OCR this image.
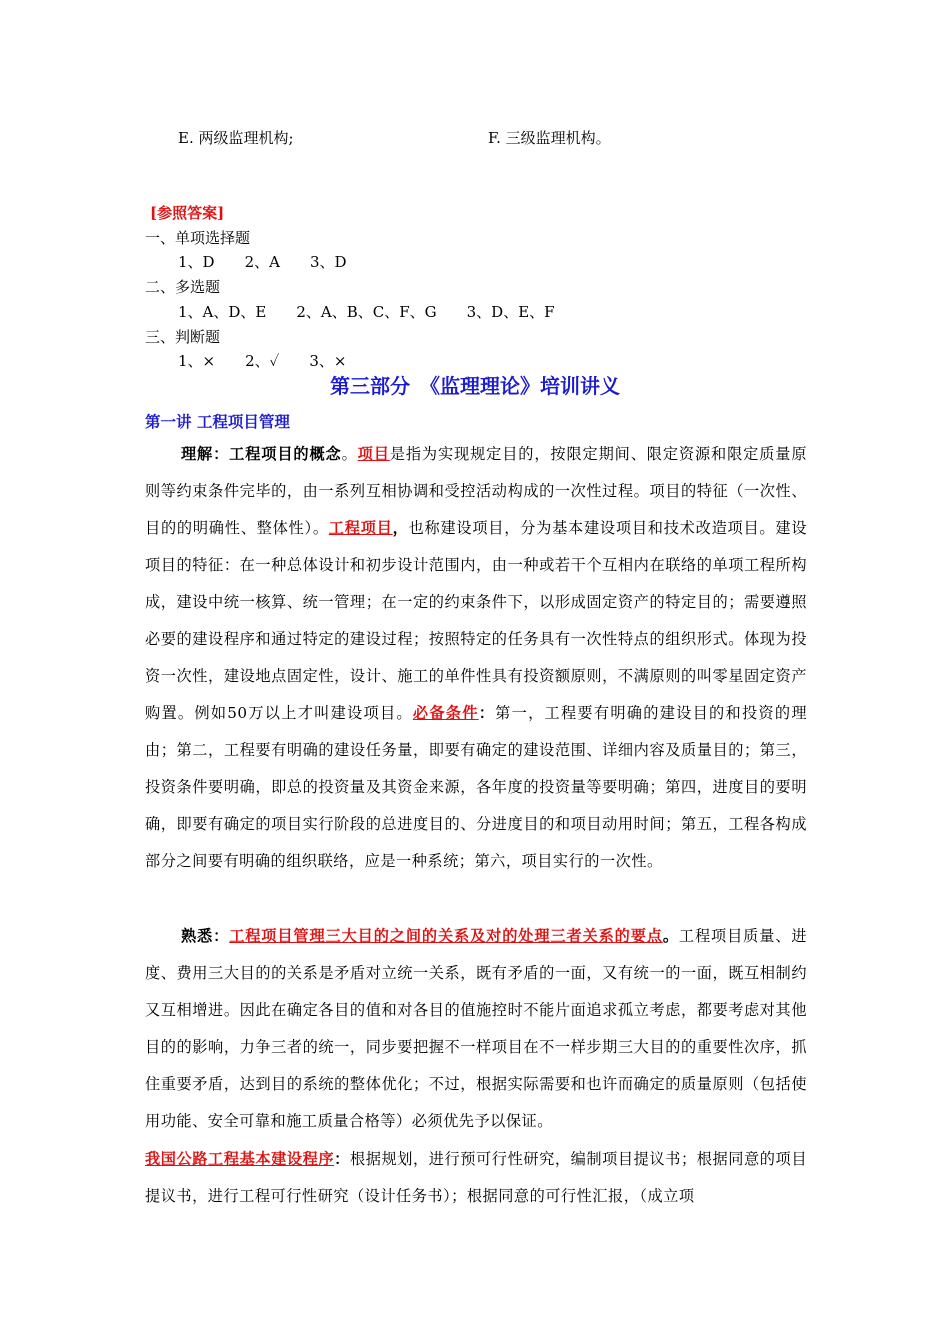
E. 两级监理机构;	F. 三级监理机构。
[参照答案]
一、单项选择题
1、D　　2、A　　3、D
二、多选题
1、A、D、E　　2、A、B、C、F、G　　3、D、E、F
三、判断题
1、×　　2、✓　　3、×
第三部分　《监理理论》培训讲义
第一讲 工程项目管理
理解：工程项目的概念。项目是指为实现规定目的，按限定期间、限定资源和限定质量原则等约束条件完毕的，由一系列互相协调和受控活动构成的一次性过程。项目的特征（一次性、目的的明确性、整体性）。工程项目，也称建设项目，分为基本建设项目和技术改造项目。建设项目的特征：在一种总体设计和初步设计范围内，由一种或若干个互相内在联络的单项工程所构成，建设中统一核算、统一管理；在一定的约束条件下，以形成固定资产的特定目的；需要遵照必要的建设程序和通过特定的建设过程；按照特定的任务具有一次性特点的组织形式。体现为投资一次性，建设地点固定性，设计、施工的单件性具有投资额原则，不满原则的叫零星固定资产购置。例如50万以上才叫建设项目。必备条件：第一，工程要有明确的建设目的和投资的理由；第二，工程要有明确的建设任务量，即要有确定的建设范围、详细内容及质量目的；第三，投资条件要明确，即总的投资量及其资金来源，各年度的投资量等要明确；第四，进度目的要明确，即要有确定的项目实行阶段的总进度目的、分进度目的和项目动用时间；第五，工程各构成部分之间要有明确的组织联络，应是一种系统；第六，项目实行的一次性。
熟悉：工程项目管理三大目的之间的关系及对的处理三者关系的要点。工程项目质量、进度、费用三大目的的关系是矛盾对立统一关系，既有矛盾的一面，又有统一的一面，既互相制约又互相增进。因此在确定各目的值和对各目的值施控时不能片面追求孤立考虑，都要考虑对其他目的的影响，力争三者的统一，同步要把握不一样项目在不一样步期三大目的的重要性次序，抓住重要矛盾，达到目的系统的整体优化；不过，根据实际需要和也许而确定的质量原则（包括使用功能、安全可靠和施工质量合格等）必须优先予以保证。
我国公路工程基本建设程序：根据规划，进行预可行性研究，编制项目提议书；根据同意的项目提议书，进行工程可行性研究（设计任务书）；根据同意的可行性汇报，（成立项
